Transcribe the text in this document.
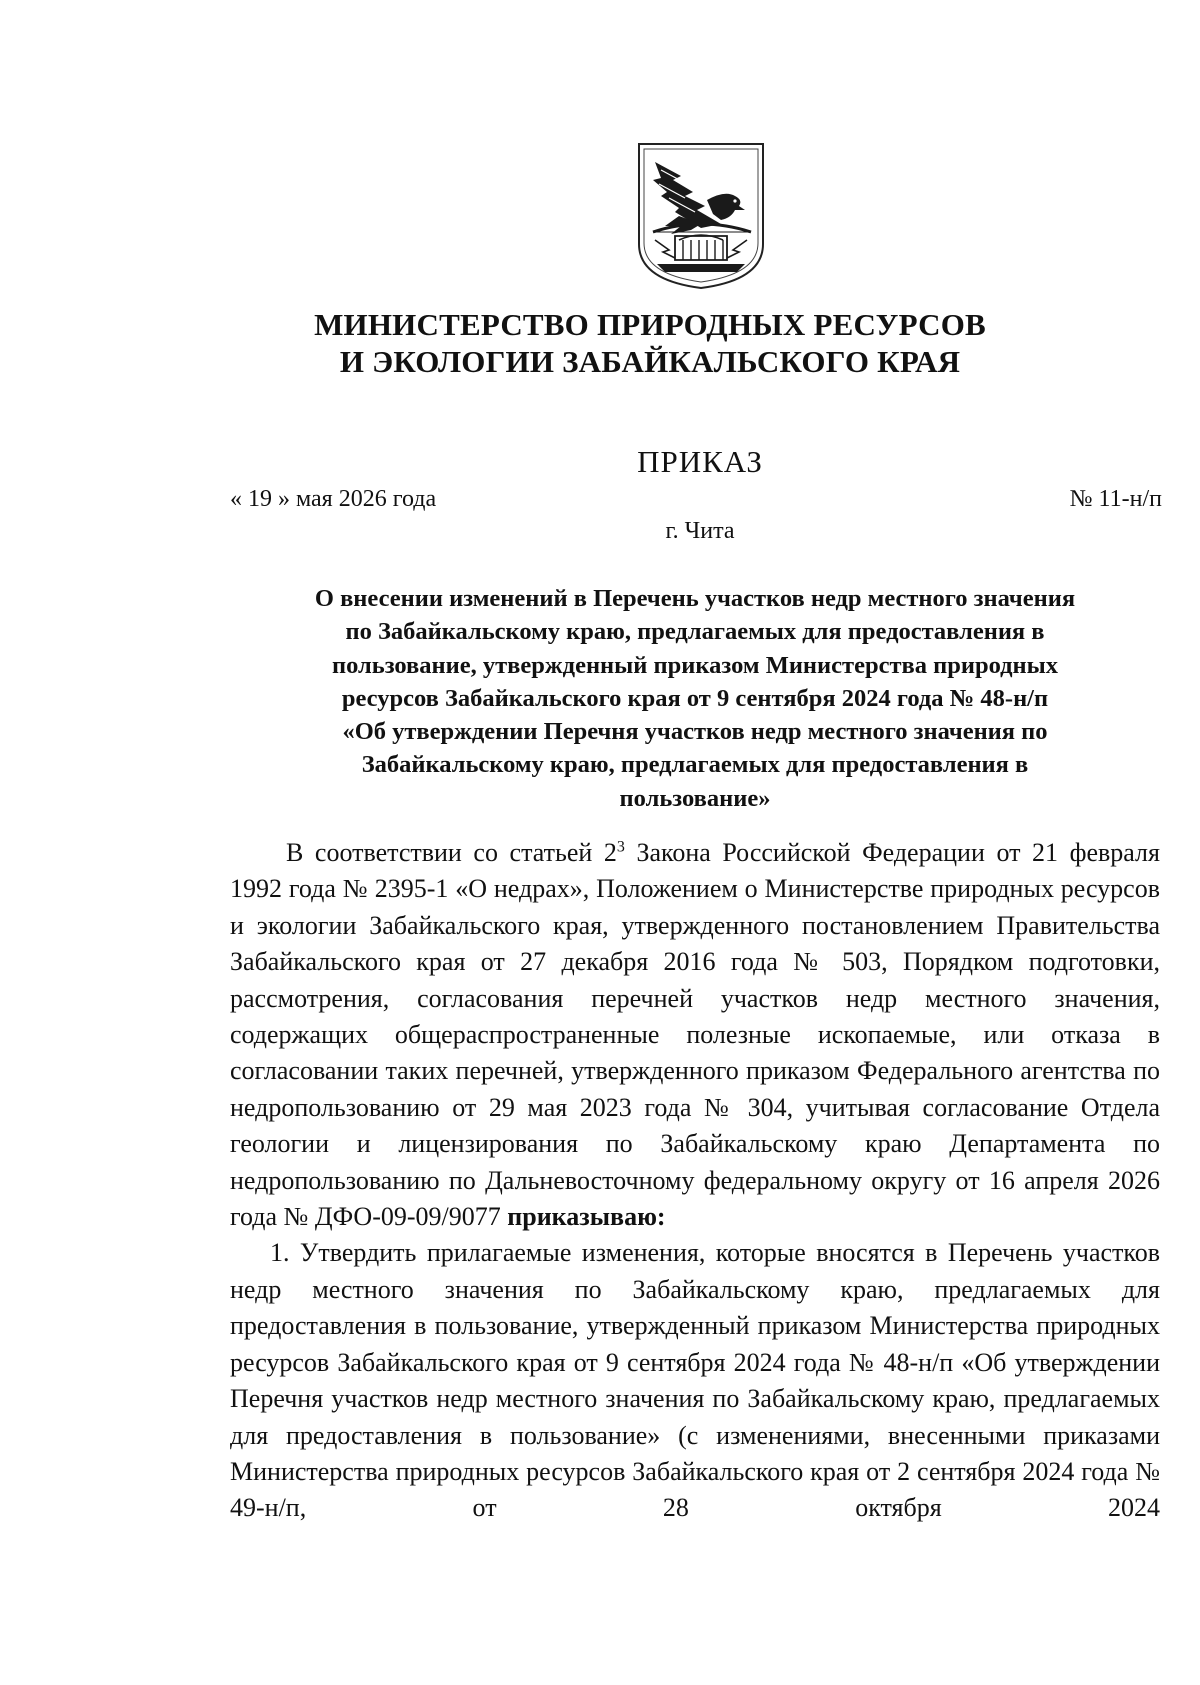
МИНИСТЕРСТВО ПРИРОДНЫХ РЕСУРСОВ
И ЭКОЛОГИИ ЗАБАЙКАЛЬСКОГО КРАЯ
ПРИКАЗ
« 19 » мая 2026 года	№ 11-н/п
г. Чита
О внесении изменений в Перечень участков недр местного значения
по Забайкальскому краю, предлагаемых для предоставления в
пользование, утвержденный приказом Министерства природных
ресурсов Забайкальского края от 9 сентября 2024 года № 48-н/п
«Об утверждении Перечня участков недр местного значения по
Забайкальскому краю, предлагаемых для предоставления в
пользование»

В соответствии со статьей $2^3$ Закона Российской Федерации от 21 февраля 1992 года № 2395-1 «О недрах», Положением о Министерстве природных ресурсов и экологии Забайкальского края, утвержденного постановлением Правительства Забайкальского края от 27 декабря 2016 года № 503, Порядком подготовки, рассмотрения, согласования перечней участков недр местного значения, содержащих общераспространенные полезные ископаемые, или отказа в согласовании таких перечней, утвержденного приказом Федерального агентства по недропользованию от 29 мая 2023 года № 304, учитывая согласование Отдела геологии и лицензирования по Забайкальскому краю Департамента по недропользованию по Дальневосточному федеральному округу от 16 апреля 2026 года № ДФО-09-09/9077 приказываю:

1. Утвердить прилагаемые изменения, которые вносятся в Перечень участков недр местного значения по Забайкальскому краю, предлагаемых для предоставления в пользование, утвержденный приказом Министерства природных ресурсов Забайкальского края от 9 сентября 2024 года № 48-н/п «Об утверждении Перечня участков недр местного значения по Забайкальскому краю, предлагаемых для предоставления в пользование» (с изменениями, внесенными приказами Министерства природных ресурсов Забайкальского края от 2 сентября 2024 года № 49-н/п, от 28 октября 2024
